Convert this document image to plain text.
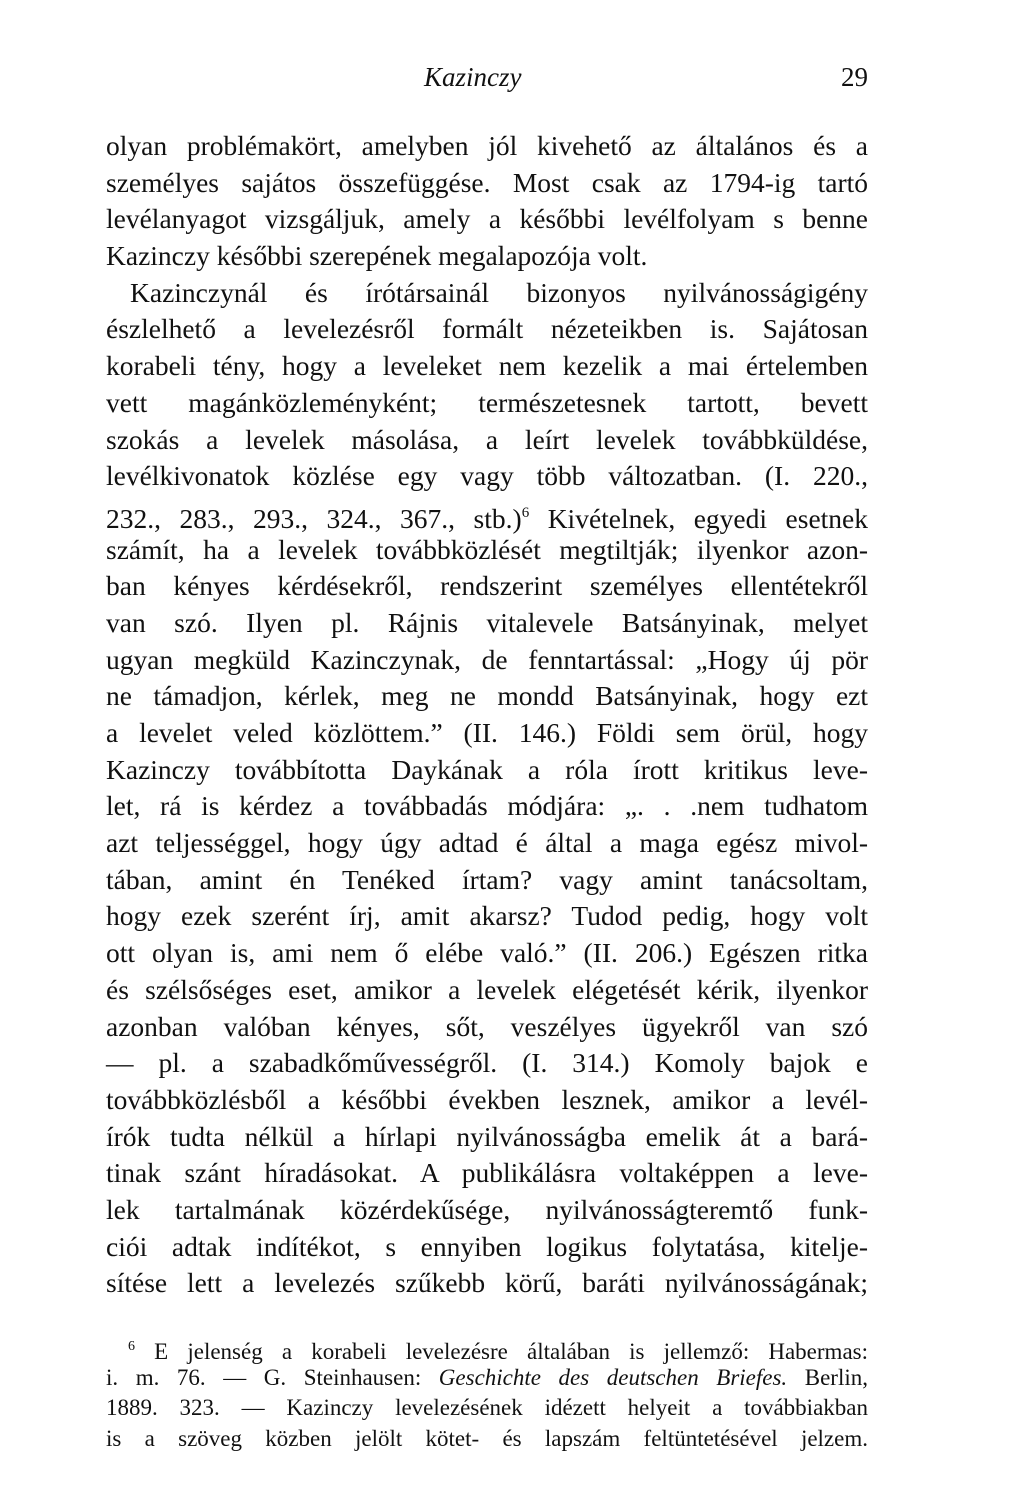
Kazinczy	29
olyan problémakört, amelyben jól kivehető az általános és a
személyes sajátos összefüggése. Most csak az 1794-ig tartó
levélanyagot vizsgáljuk, amely a későbbi levélfolyam s benne
Kazinczy későbbi szerepének megalapozója volt.
Kazinczynál és írótársainál bizonyos nyilvánosságigény
észlelhető a levelezésről formált nézeteikben is. Sajátosan
korabeli tény, hogy a leveleket nem kezelik a mai értelemben
vett magánközleményként; természetesnek tartott, bevett
szokás a levelek másolása, a leírt levelek továbbküldése,
levélkivonatok közlése egy vagy több változatban. (I. 220.,
232., 283., 293., 324., 367., stb.)$^6$ Kivételnek, egyedi esetnek
számít, ha a levelek továbbközlését megtiltják; ilyenkor azon-
ban kényes kérdésekről, rendszerint személyes ellentétekről
van szó. Ilyen pl. Rájnis vitalevele Batsányinak, melyet
ugyan megküld Kazinczynak, de fenntartással: „Hogy új pör
ne támadjon, kérlek, meg ne mondd Batsányinak, hogy ezt
a levelet veled közlöttem.” (II. 146.) Földi sem örül, hogy
Kazinczy továbbította Daykának a róla írott kritikus leve-
let, rá is kérdez a továbbadás módjára: „. . .nem tudhatom
azt teljességgel, hogy úgy adtad é által a maga egész mivol-
tában, amint én Tenéked írtam? vagy amint tanácsoltam,
hogy ezek szerént írj, amit akarsz? Tudod pedig, hogy volt
ott olyan is, ami nem ő elébe való.” (II. 206.) Egészen ritka
és szélsőséges eset, amikor a levelek elégetését kérik, ilyenkor
azonban valóban kényes, sőt, veszélyes ügyekről van szó
— pl. a szabadkőművességről. (I. 314.) Komoly bajok e
továbbközlésből a későbbi években lesznek, amikor a levél-
írók tudta nélkül a hírlapi nyilvánosságba emelik át a bará-
tinak szánt híradásokat. A publikálásra voltaképpen a leve-
lek tartalmának közérdekűsége, nyilvánosságteremtő funk-
ciói adtak indítékot, s ennyiben logikus folytatása, kitelje-
sítése lett a levelezés szűkebb körű, baráti nyilvánosságának;
$^6$ E jelenség a korabeli levelezésre általában is jellemző: Habermas:
i. m. 76. — G. Steinhausen: Geschichte des deutschen Briefes. Berlin,
1889. 323. — Kazinczy levelezésének idézett helyeit a továbbiakban
is a szöveg közben jelölt kötet- és lapszám feltüntetésével jelzem.
